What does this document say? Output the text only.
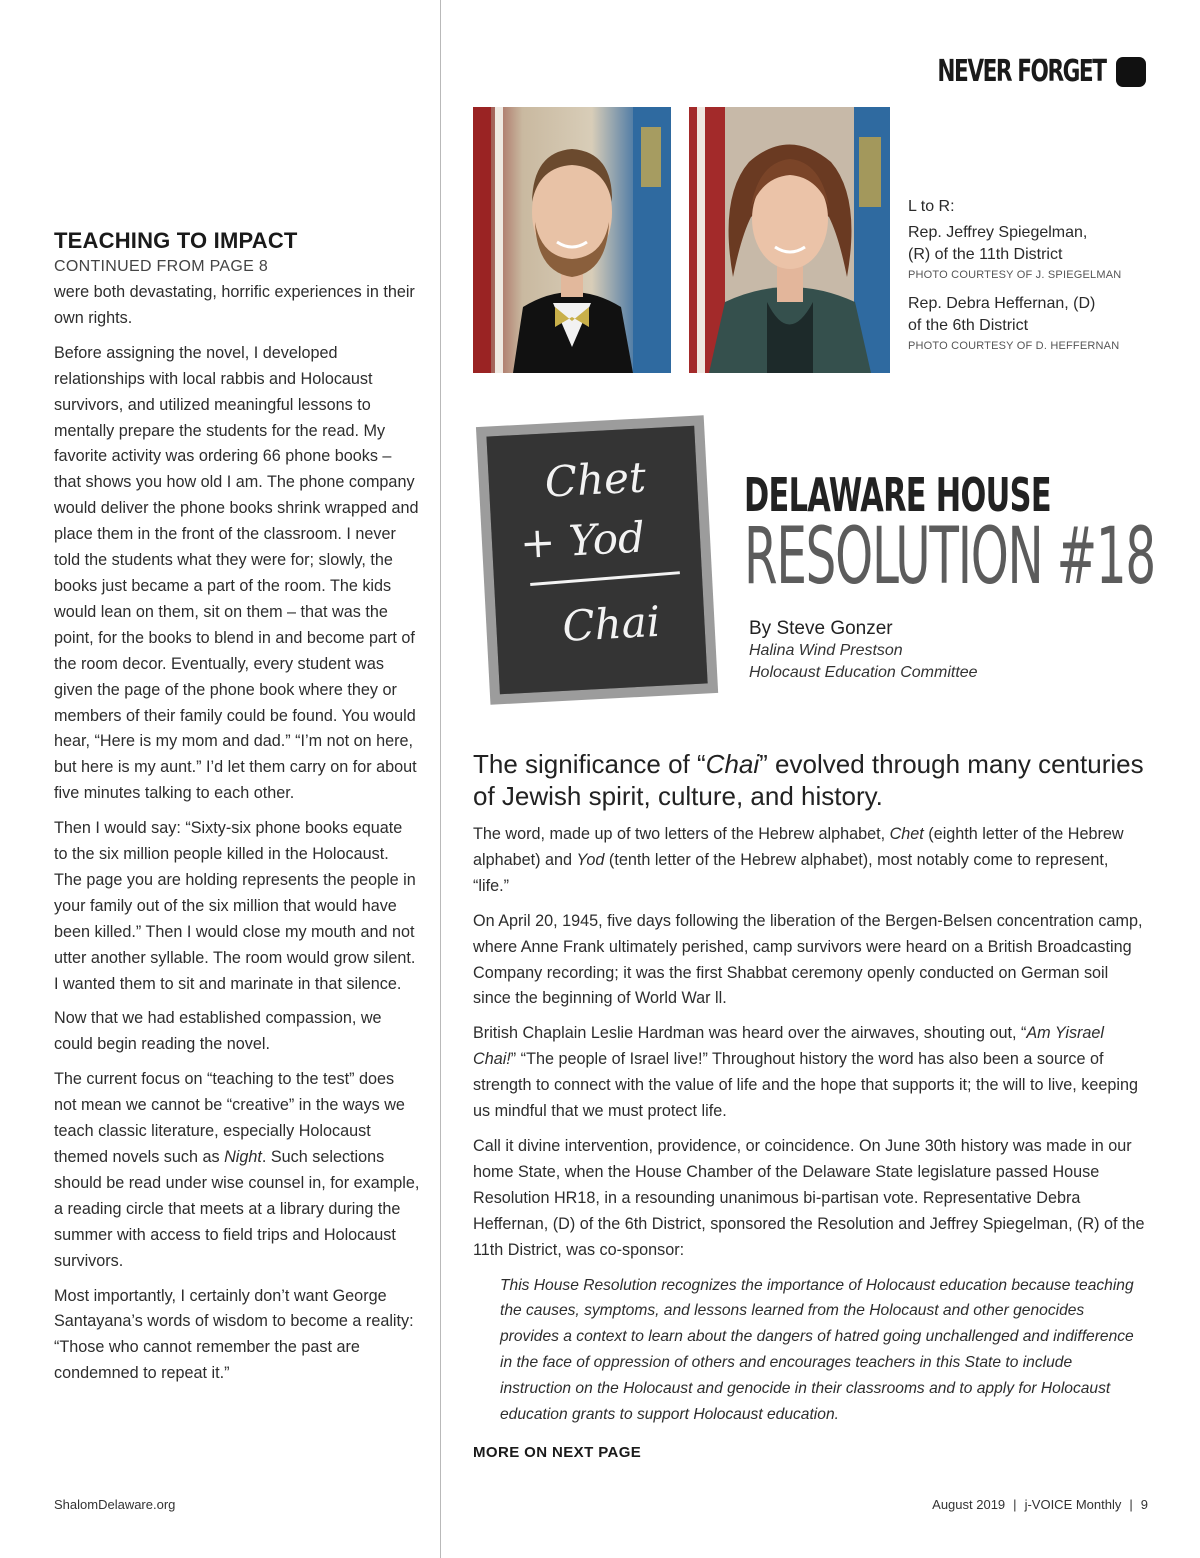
NEVER FORGET
TEACHING TO IMPACT
CONTINUED FROM PAGE 8

were both devastating, horrific experiences in their own rights.

Before assigning the novel, I developed relationships with local rabbis and Holocaust survivors, and utilized meaningful lessons to mentally prepare the students for the read. My favorite activity was ordering 66 phone books – that shows you how old I am. The phone company would deliver the phone books shrink wrapped and place them in the front of the classroom. I never told the students what they were for; slowly, the books just became a part of the room. The kids would lean on them, sit on them – that was the point, for the books to blend in and become part of the room decor. Eventually, every student was given the page of the phone book where they or members of their family could be found. You would hear, “Here is my mom and dad.” “I’m not on here, but here is my aunt.” I’d let them carry on for about five minutes talking to each other.

Then I would say: “Sixty-six phone books equate to the six million people killed in the Holocaust. The page you are holding represents the people in your family out of the six million that would have been killed.” Then I would close my mouth and not utter another syllable. The room would grow silent. I wanted them to sit and marinate in that silence.

Now that we had established compassion, we could begin reading the novel.

The current focus on “teaching to the test” does not mean we cannot be “creative” in the ways we teach classic literature, especially Holocaust themed novels such as Night. Such selections should be read under wise counsel in, for example, a reading circle that meets at a library during the summer with access to field trips and Holocaust survivors.

Most importantly, I certainly don’t want George Santayana’s words of wisdom to become a reality: “Those who cannot remember the past are condemned to repeat it.”

L to R:
Rep. Jeffrey Spiegelman,
(R) of the 11th District
PHOTO COURTESY OF J. SPIEGELMAN
Rep. Debra Heffernan, (D)
of the 6th District
PHOTO COURTESY OF D. HEFFERNAN
Chet
+ Yod
Chai
DELAWARE HOUSE
RESOLUTION #18
By Steve Gonzer
Halina Wind Prestson
Holocaust Education Committee
The significance of “Chai” evolved through many centuries of Jewish spirit, culture, and history.

The word, made up of two letters of the Hebrew alphabet, Chet (eighth letter of the Hebrew alphabet) and Yod (tenth letter of the Hebrew alphabet), most notably come to represent, “life.”

On April 20, 1945, five days following the liberation of the Bergen-Belsen concentration camp, where Anne Frank ultimately perished, camp survivors were heard on a British Broadcasting Company recording; it was the first Shabbat ceremony openly conducted on German soil since the beginning of World War ll.

British Chaplain Leslie Hardman was heard over the airwaves, shouting out, “Am Yisrael Chai!” “The people of Israel live!” Throughout history the word has also been a source of strength to connect with the value of life and the hope that supports it; the will to live, keeping us mindful that we must protect life.

Call it divine intervention, providence, or coincidence. On June 30th history was made in our home State, when the House Chamber of the Delaware State legislature passed House Resolution HR18, in a resounding unanimous bi-partisan vote. Representative Debra Heffernan, (D) of the 6th District, sponsored the Resolution and Jeffrey Spiegelman, (R) of the 11th District, was co-sponsor:

This House Resolution recognizes the importance of Holocaust education because teaching the causes, symptoms, and lessons learned from the Holocaust and other genocides provides a context to learn about the dangers of hatred going unchallenged and indifference in the face of oppression of others and encourages teachers in this State to include instruction on the Holocaust and genocide in their classrooms and to apply for Holocaust education grants to support Holocaust education.

MORE ON NEXT PAGE
ShalomDelaware.org	August 2019 | j-VOICE Monthly | 9
